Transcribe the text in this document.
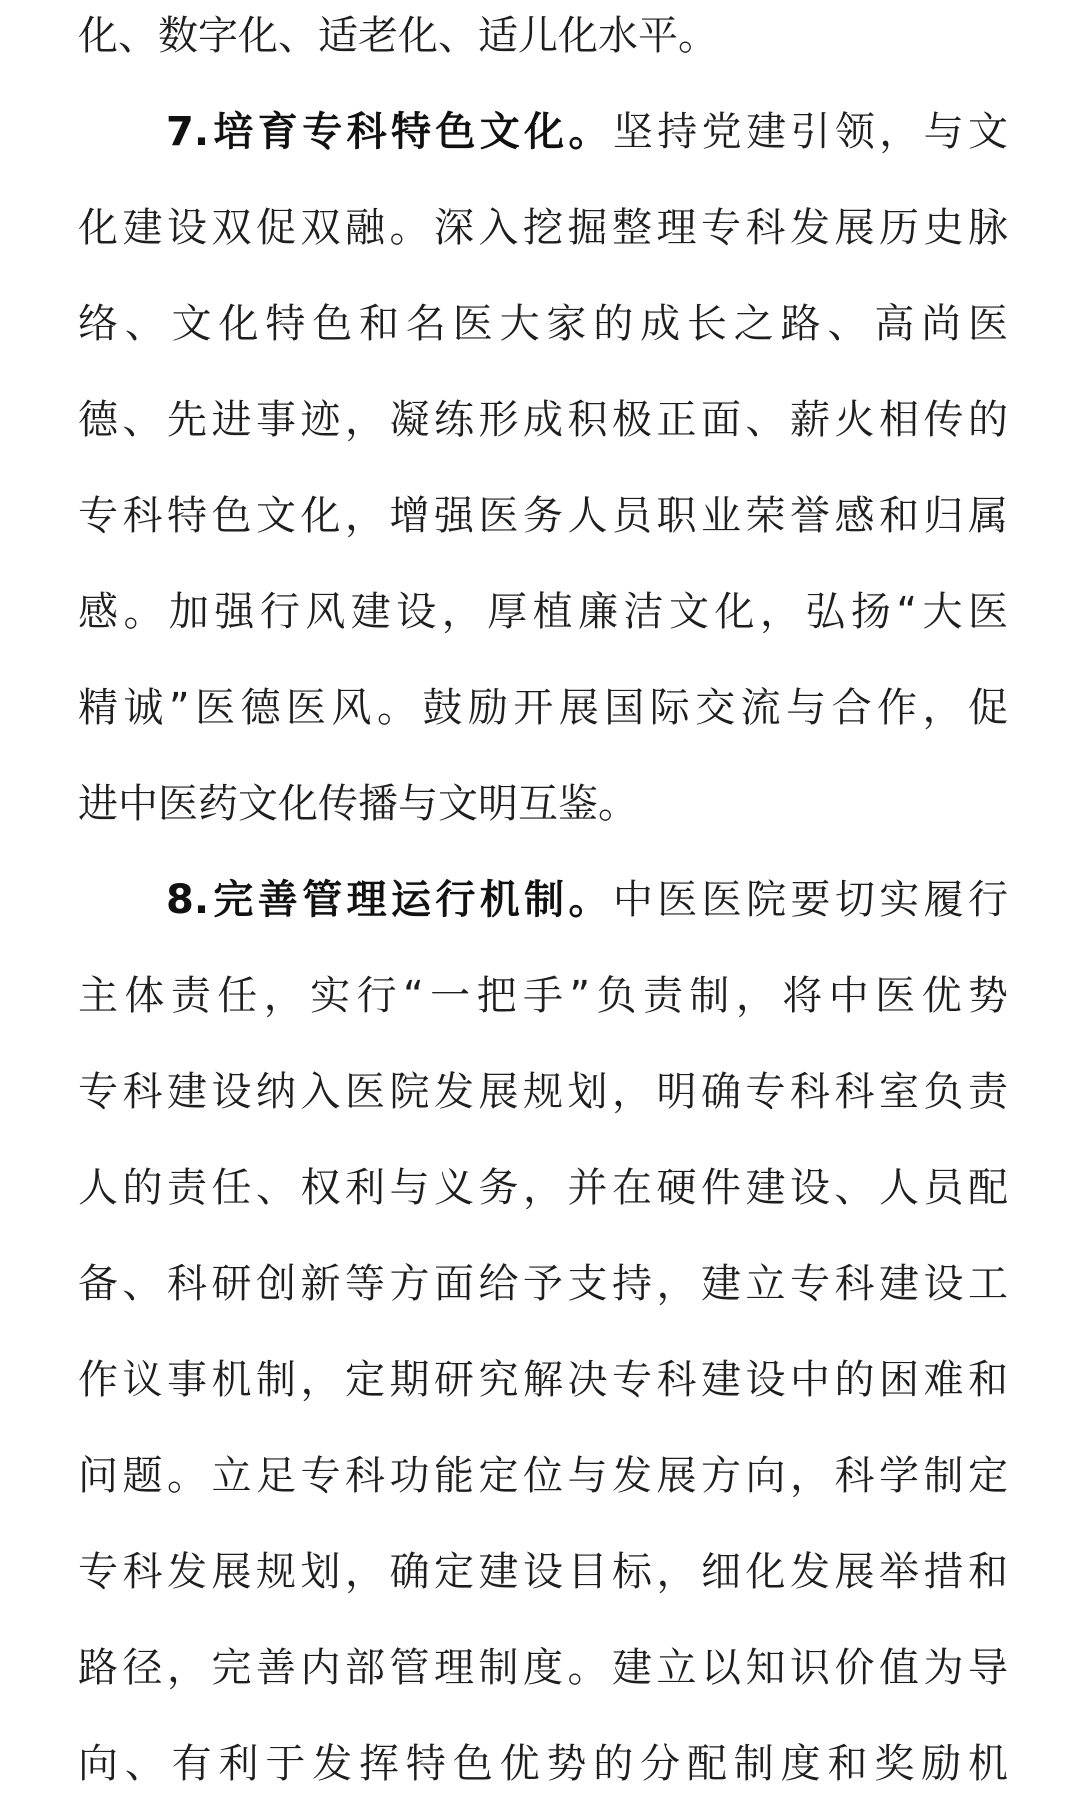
化、数字化、适老化、适儿化水平。
7.培育专科特色文化。坚持党建引领，与文
化建设双促双融。深入挖掘整理专科发展历史脉
络、文化特色和名医大家的成长之路、高尚医
德、先进事迹，凝练形成积极正面、薪火相传的
专科特色文化，增强医务人员职业荣誉感和归属
感。加强行风建设，厚植廉洁文化，弘扬“大医
精诚”医德医风。鼓励开展国际交流与合作，促
进中医药文化传播与文明互鉴。
8.完善管理运行机制。中医医院要切实履行
主体责任，实行“一把手”负责制，将中医优势
专科建设纳入医院发展规划，明确专科科室负责
人的责任、权利与义务，并在硬件建设、人员配
备、科研创新等方面给予支持，建立专科建设工
作议事机制，定期研究解决专科建设中的困难和
问题。立足专科功能定位与发展方向，科学制定
专科发展规划，确定建设目标，细化发展举措和
路径，完善内部管理制度。建立以知识价值为导
向、有利于发挥特色优势的分配制度和奖励机
